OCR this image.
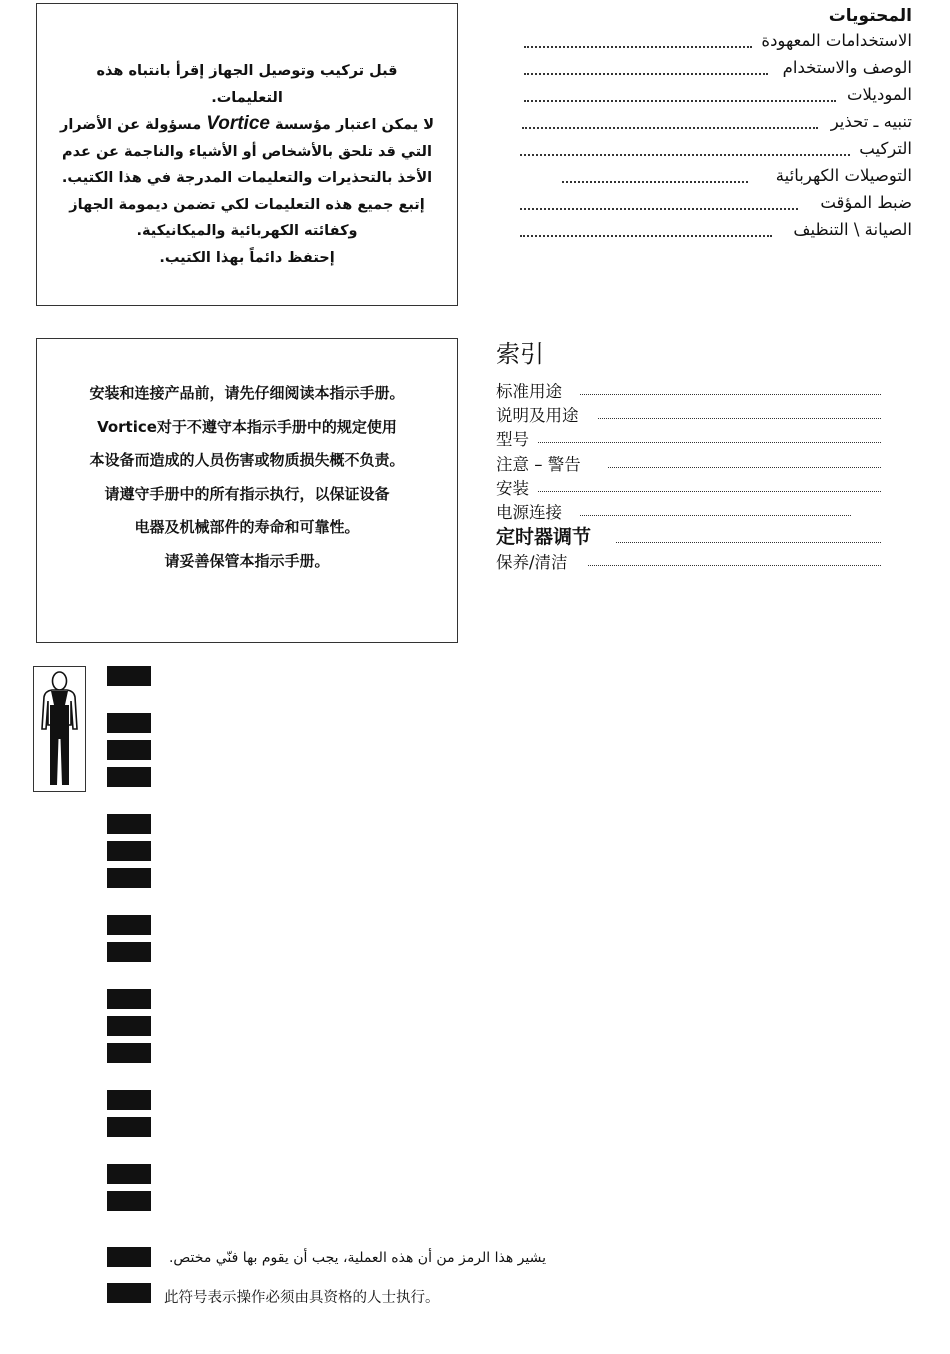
قبل تركيب وتوصيل الجهاز إقرأ بانتباه هذه
التعليمات.
لا يمكن اعتبار مؤسسة Vortice مسؤولة عن الأضرار
التي قد تلحق بالأشخاص أو الأشياء والناجمة عن عدم
الأخذ بالتحذيرات والتعليمات المدرجة في هذا الكتيب.
إتبع جميع هذه التعليمات لكي تضمن ديمومة الجهاز
وكفائته الكهربائية والميكانيكية.
إحتفظ دائماً بهذا الكتيب.
المحتويات
الاستخدامات المعهودة
الوصف والاستخدام
الموديلات
تنبيه ـ تحذير
التركيب
التوصيلات الكهربائية
ضبط المؤقت
الصيانة \ التنظيف
安装和连接产品前，请先仔细阅读本指示手册。
Vortice对于不遵守本指示手册中的规定使用
本设备而造成的人员伤害或物质损失概不负责。
请遵守手册中的所有指示执行，以保证设备
电器及机械部件的寿命和可靠性。
请妥善保管本指示手册。
索引
标准用途
说明及用途
型号
注意 – 警告
安装
电源连接
定时器调节
保养/清洁
يشير هذا الرمز من أن هذه العملية، يجب أن يقوم بها فنّي مختص.
此符号表示操作必须由具资格的人士执行。
